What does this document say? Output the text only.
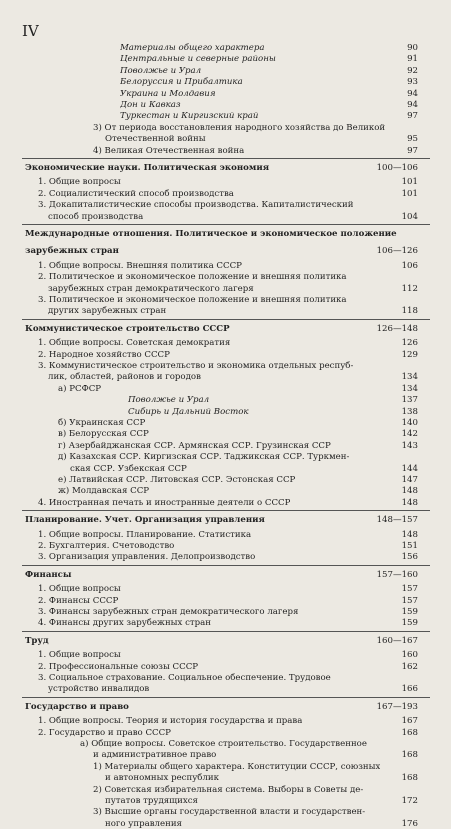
IV
Материалы общего характера	90
Центральные и северные районы	91
Поволжье и Урал	92
Белоруссия и Прибалтика	93
Украина и Молдавия	94
Дон и Кавказ	94
Туркестан и Киргизский край	97
3) От периода восстановления народного хозяйства до Великой
Отечественной войны	95
4) Великая Отечественная война	97
Экономические науки. Политическая экономия	100—106
1. Общие вопросы	101
2. Социалистический способ производства	101
3. Докапиталистические способы производства. Капиталистический
способ производства	104
Международные отношения. Политическое и экономическое положение
зарубежных стран	106—126
1. Общие вопросы. Внешняя политика СССР	106
2. Политическое и экономическое положение и внешняя политика
зарубежных стран демократического лагеря	112
3. Политическое и экономическое положение и внешняя политика
других зарубежных стран	118
Коммунистическое строительство СССР	126—148
1. Общие вопросы. Советская демократия	126
2. Народное хозяйство СССР	129
3. Коммунистическое строительство и экономика отдельных респуб-
лик, областей, районов и городов	134
а) РСФСР	134
Поволжье и Урал	137
Сибирь и Дальний Восток	138
б) Украинская ССР	140
в) Белорусская ССР	142
г) Азербайджанская ССР. Армянская ССР. Грузинская ССР	143
д) Казахская ССР. Киргизская ССР. Таджикская ССР. Туркмен-
ская ССР. Узбекская ССР	144
е) Латвийская ССР. Литовская ССР. Эстонская ССР	147
ж) Молдавская ССР	148
4. Иностранная печать и иностранные деятели о СССР	148
Планирование. Учет. Организация управления	148—157
1. Общие вопросы. Планирование. Статистика	148
2. Бухгалтерия. Счетоводство	151
3. Организация управления. Делопроизводство	156
Финансы	157—160
1. Общие вопросы	157
2. Финансы СССР	157
3. Финансы зарубежных стран демократического лагеря	159
4. Финансы других зарубежных стран	159
Труд	160—167
1. Общие вопросы	160
2. Профессиональные союзы СССР	162
3. Социальное страхование. Социальное обеспечение. Трудовое
устройство инвалидов	166
Государство и право	167—193
1. Общие вопросы. Теория и история государства и права	167
2. Государство и право СССР	168
а) Общие вопросы. Советское строительство. Государственное
и административное право	168
1) Материалы общего характера. Конституции СССР, союзных
и автономных республик	168
2) Советская избирательная система. Выборы в Советы де-
путатов трудящихся	172
3) Высшие органы государственной власти и государствен-
ного управления	176
